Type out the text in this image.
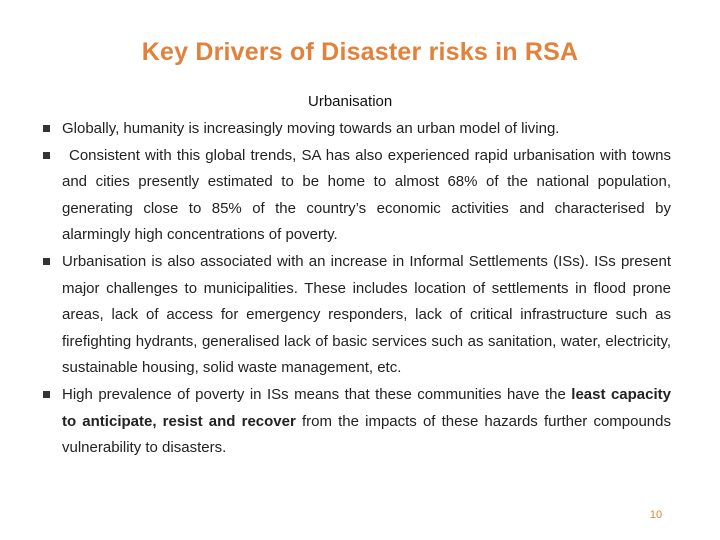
Key Drivers of Disaster risks in RSA
Urbanisation
Globally, humanity is increasingly moving towards an urban model of living.
Consistent with this global trends, SA has also experienced rapid urbanisation with towns and cities presently estimated to be home to almost 68% of the national population, generating close to 85% of the country’s economic activities and characterised by alarmingly high concentrations of poverty.
Urbanisation is also associated with an increase in Informal Settlements (ISs). ISs present major challenges to municipalities. These includes location of settlements in flood prone areas, lack of access for emergency responders, lack of critical infrastructure such as firefighting hydrants, generalised lack of basic services such as sanitation, water, electricity, sustainable housing, solid waste management, etc.
High prevalence of poverty in ISs means that these communities have the least capacity to anticipate, resist and recover from the impacts of these hazards further compounds vulnerability to disasters.
10
